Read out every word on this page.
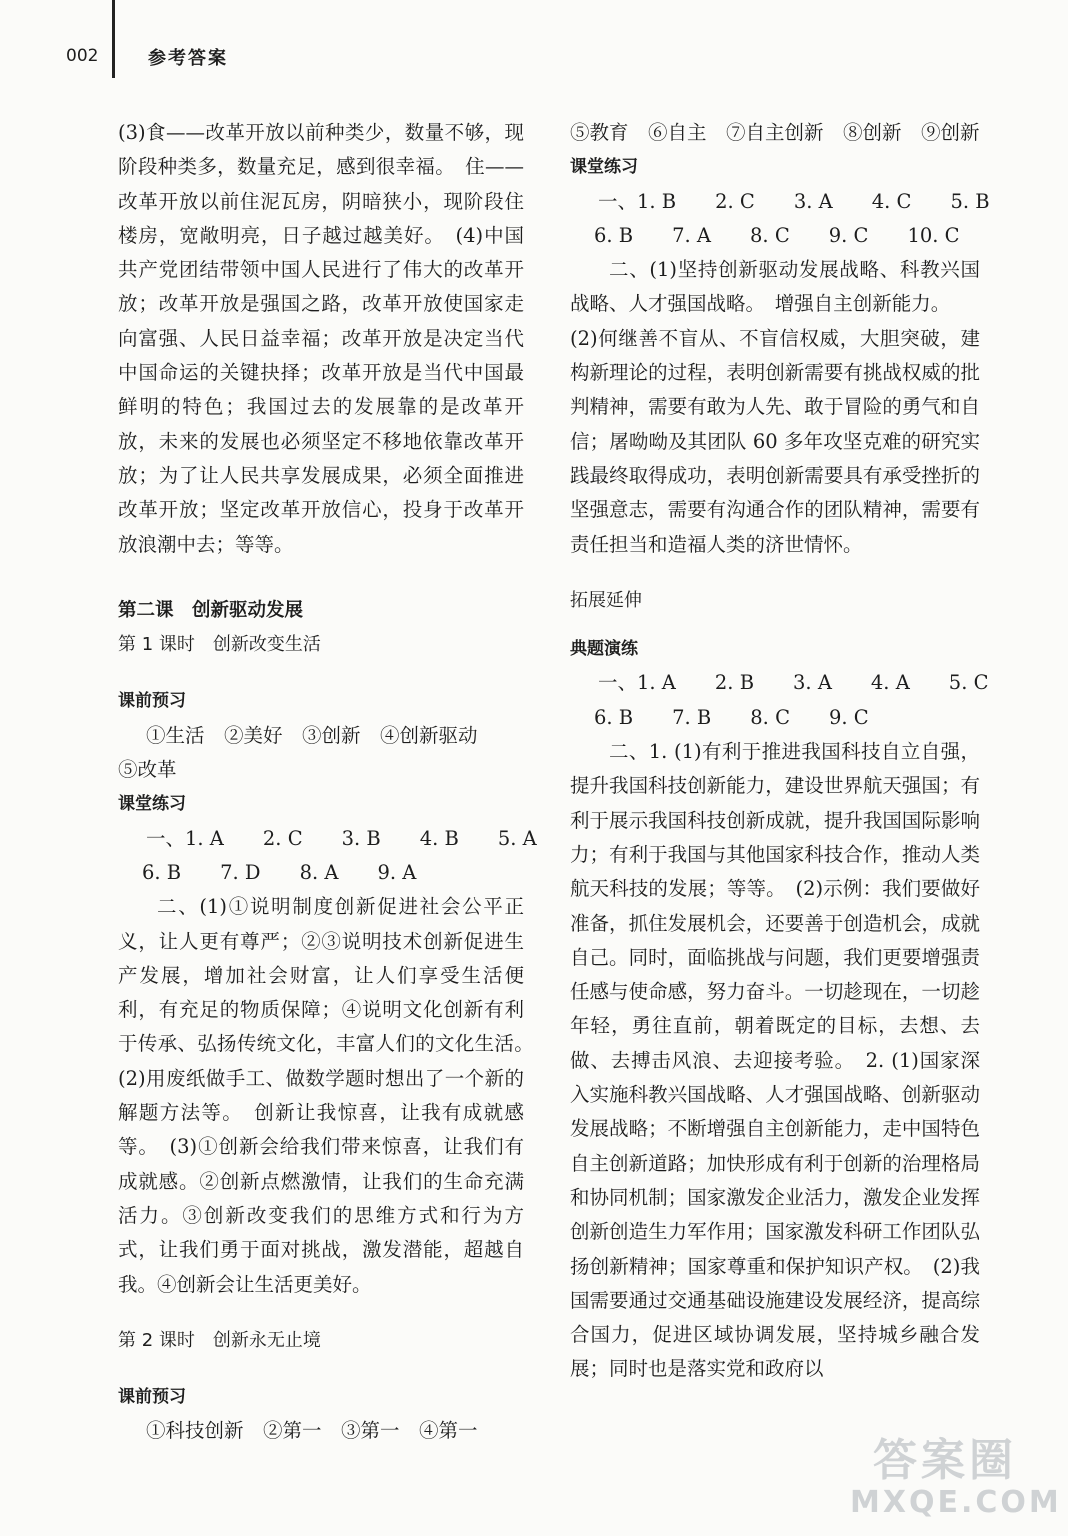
002	参考答案

(3)食——改革开放以前种类少，数量不够，现阶段种类多，数量充足，感到很幸福。　住——改革开放以前住泥瓦房，阴暗狭小，现阶段住楼房，宽敞明亮，日子越过越美好。　(4)中国共产党团结带领中国人民进行了伟大的改革开放；改革开放是强国之路，改革开放使国家走向富强、人民日益幸福；改革开放是决定当代中国命运的关键抉择；改革开放是当代中国最鲜明的特色；我国过去的发展靠的是改革开放，未来的发展也必须坚定不移地依靠改革开放；为了让人民共享发展成果，必须全面推进改革开放；坚定改革开放信心，投身于改革开放浪潮中去；等等。

第二课　创新驱动发展

第 1 课时　创新改变生活

课前预习

①生活　②美好　③创新　④创新驱动

⑤改革

课堂练习

一、1. A　　2. C　　3. B　　4. B　　5. A

6. B　　7. D　　8. A　　9. A

二、(1)①说明制度创新促进社会公平正义，让人更有尊严；②③说明技术创新促进生产发展，增加社会财富，让人们享受生活便利，有充足的物质保障；④说明文化创新有利于传承、弘扬传统文化，丰富人们的文化生活。　(2)用废纸做手工、做数学题时想出了一个新的解题方法等。　创新让我惊喜，让我有成就感等。　(3)①创新会给我们带来惊喜，让我们有成就感。②创新点燃激情，让我们的生命充满活力。③创新改变我们的思维方式和行为方式，让我们勇于面对挑战，激发潜能，超越自我。④创新会让生活更美好。

第 2 课时　创新永无止境

课前预习

①科技创新　②第一　③第一　④第一

⑤教育　⑥自主　⑦自主创新　⑧创新　⑨创新

课堂练习

一、1. B　　2. C　　3. A　　4. C　　5. B

6. B　　7. A　　8. C　　9. C　　10. C

二、(1)坚持创新驱动发展战略、科教兴国战略、人才强国战略。　增强自主创新能力。

(2)何继善不盲从、不盲信权威，大胆突破，建构新理论的过程，表明创新需要有挑战权威的批判精神，需要有敢为人先、敢于冒险的勇气和自信；屠呦呦及其团队 60 多年攻坚克难的研究实践最终取得成功，表明创新需要具有承受挫折的坚强意志，需要有沟通合作的团队精神，需要有责任担当和造福人类的济世情怀。

拓展延伸

典题演练

一、1. A　　2. B　　3. A　　4. A　　5. C

6. B　　7. B　　8. C　　9. C

二、1. (1)有利于推进我国科技自立自强，提升我国科技创新能力，建设世界航天强国；有利于展示我国科技创新成就，提升我国国际影响力；有利于我国与其他国家科技合作，推动人类航天科技的发展；等等。　(2)示例：我们要做好准备，抓住发展机会，还要善于创造机会，成就自己。同时，面临挑战与问题，我们更要增强责任感与使命感，努力奋斗。一切趁现在，一切趁年轻，勇往直前，朝着既定的目标，去想、去做、去搏击风浪、去迎接考验。　2. (1)国家深入实施科教兴国战略、人才强国战略、创新驱动发展战略；不断增强自主创新能力，走中国特色自主创新道路；加快形成有利于创新的治理格局和协同机制；国家激发企业活力，激发企业发挥创新创造生力军作用；国家激发科研工作团队弘扬创新精神；国家尊重和保护知识产权。　(2)我国需要通过交通基础设施建设发展经济，提高综合国力，促进区域协调发展，坚持城乡融合发展；同时也是落实党和政府以

答案圈
MXQE.COM
